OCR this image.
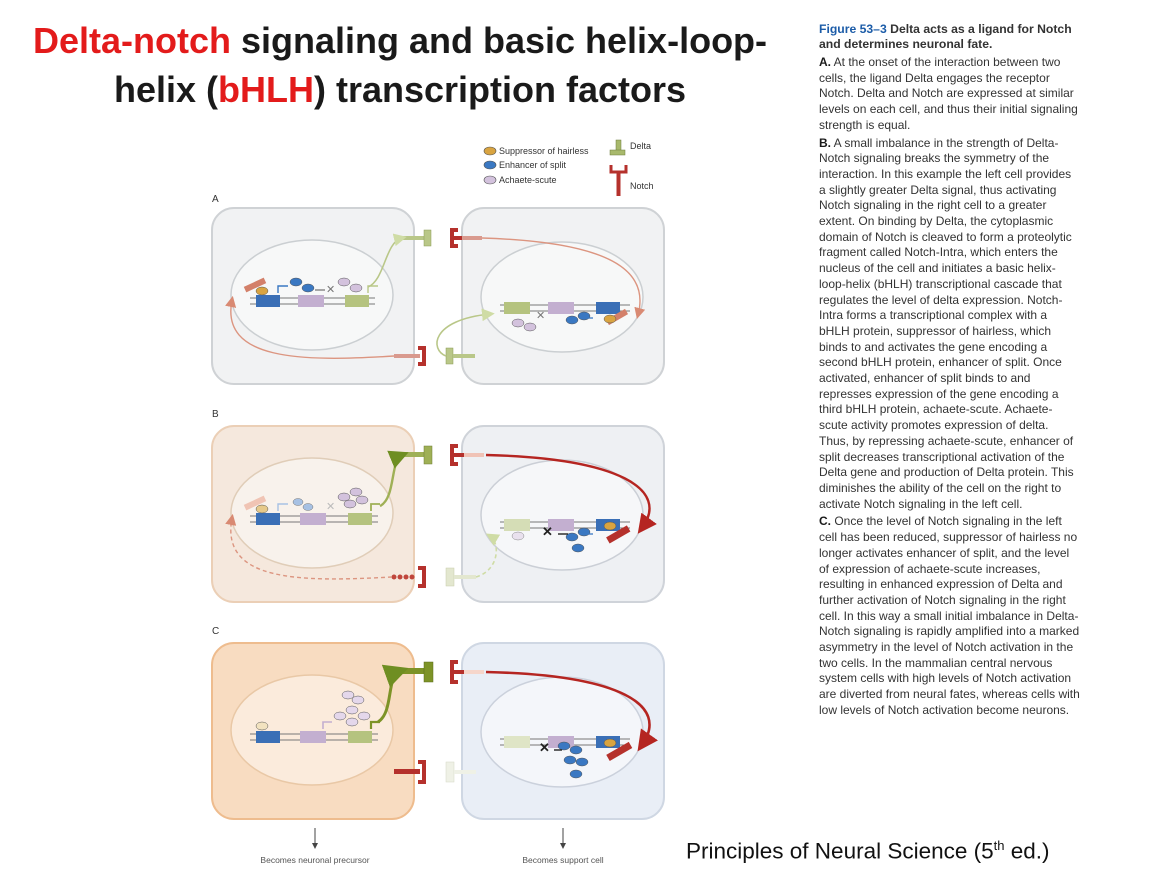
Delta-notch signaling and basic helix-loop-helix (bHLH) transcription factors
Suppressor of hairless
Enhancer of split
Achaete-scute
Delta
Notch
A
✕
✕
B
✕
✕
C
✕
Becomes neuronal precursor	Becomes support cell
Figure 53–3 Delta acts as a ligand for Notch and determines neuronal fate.

A. At the onset of the interaction between two cells, the ligand Delta engages the receptor Notch. Delta and Notch are expressed at similar levels on each cell, and thus their initial signaling strength is equal.

B. A small imbalance in the strength of Delta-Notch signaling breaks the symmetry of the interaction. In this example the left cell provides a slightly greater Delta signal, thus activating Notch signaling in the right cell to a greater extent. On binding by Delta, the cytoplasmic domain of Notch is cleaved to form a proteolytic fragment called Notch-Intra, which enters the nucleus of the cell and initiates a basic helix-loop-helix (bHLH) transcriptional cascade that regulates the level of delta expression. Notch-Intra forms a transcriptional complex with a bHLH protein, suppressor of hairless, which binds to and activates the gene encoding a second bHLH protein, enhancer of split. Once activated, enhancer of split binds to and represses expression of the gene encoding a third bHLH protein, achaete-scute. Achaete-scute activity promotes expression of delta. Thus, by repressing achaete-scute, enhancer of split decreases transcriptional activation of the Delta gene and production of Delta protein. This diminishes the ability of the cell on the right to activate Notch signaling in the left cell.

C. Once the level of Notch signaling in the left cell has been reduced, suppressor of hairless no longer activates enhancer of split, and the level of expression of achaete-scute increases, resulting in enhanced expression of Delta and further activation of Notch signaling in the right cell. In this way a small initial imbalance in Delta-Notch signaling is rapidly amplified into a marked asymmetry in the level of Notch activation in the two cells. In the mammalian central nervous system cells with high levels of Notch activation are diverted from neural fates, whereas cells with low levels of Notch activation become neurons.

Principles of Neural Science (5th ed.)
